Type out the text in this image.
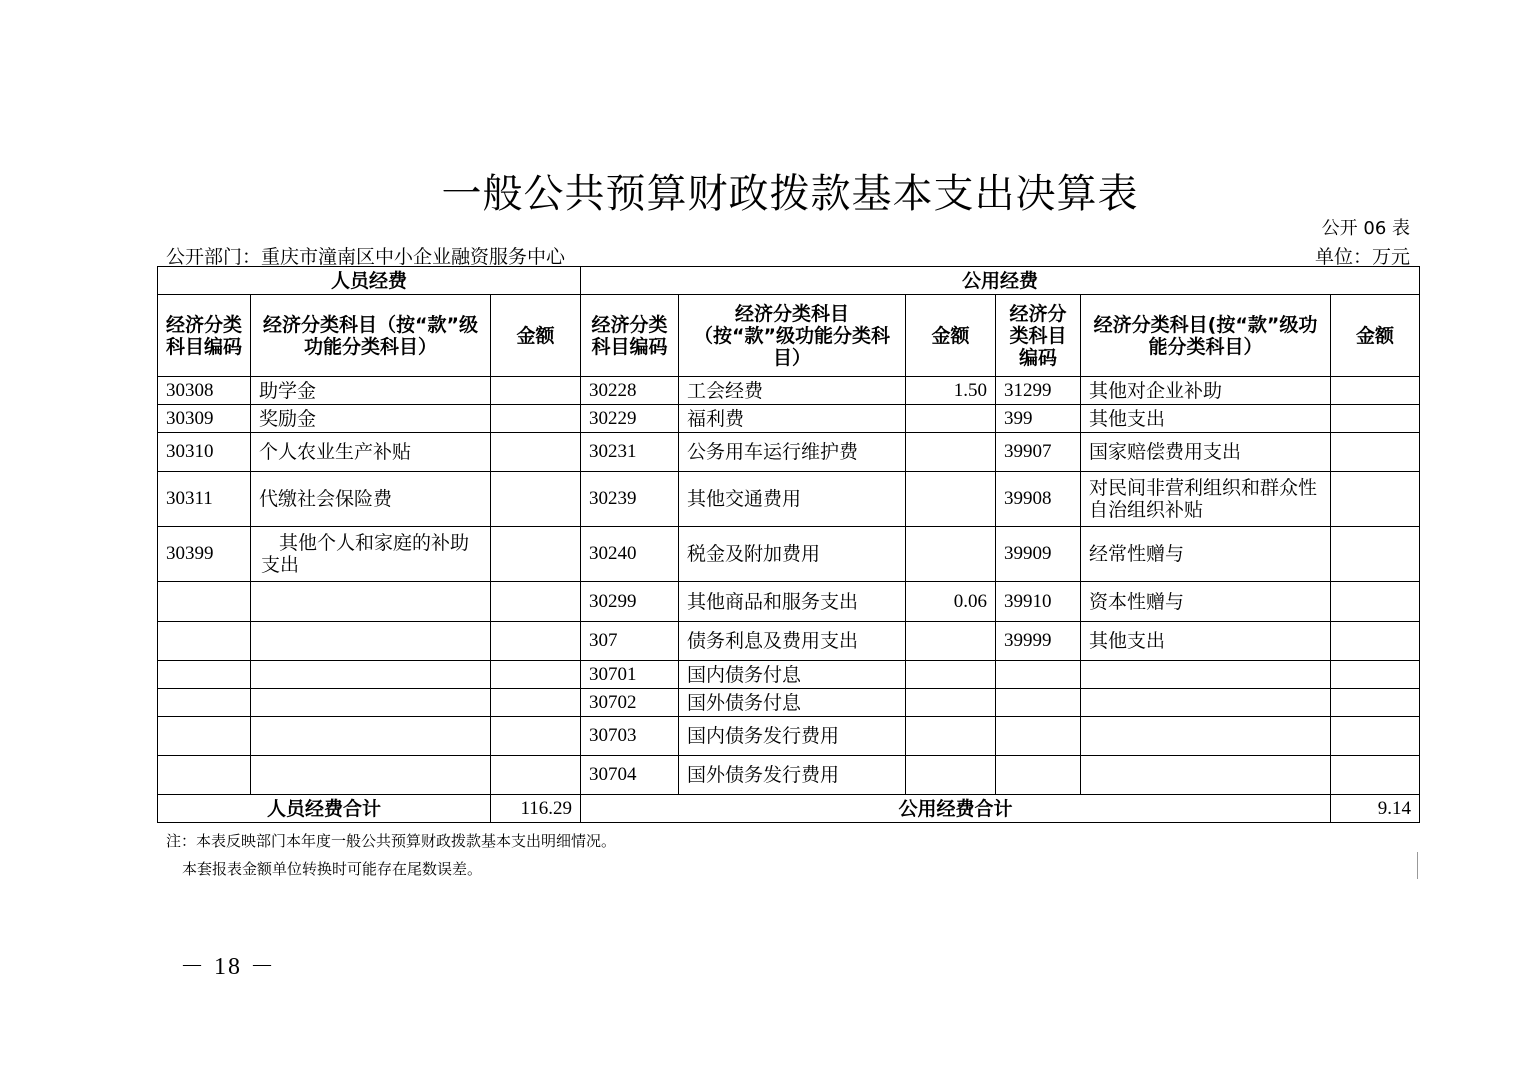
一般公共预算财政拨款基本支出决算表
公开 06 表
公开部门：重庆市潼南区中小企业融资服务中心	单位：万元
人员经费			公用经费					
经济分类科目编码	经济分类科目（按“款”级功能分类科目）	金额	经济分类科目编码	经济分类科目（按“款”级功能分类科目）	金额	经济分类科目编码	经济分类科目(按“款”级功能分类科目）	金额
30308	助学金		30228	工会经费	1.50	31299	其他对企业补助	
30309	奖励金		30229	福利费		399	其他支出	
30310	个人农业生产补贴		30231	公务用车运行维护费		39907	国家赔偿费用支出	
30311	代缴社会保险费		30239	其他交通费用		39908	对民间非营利组织和群众性自治组织补贴	
30399	其他个人和家庭的补助支出		30240	税金及附加费用		39909	经常性赠与	
			30299	其他商品和服务支出	0.06	39910	资本性赠与	
			307	债务利息及费用支出		39999	其他支出	
			30701	国内债务付息				
			30702	国外债务付息				
			30703	国内债务发行费用				
			30704	国外债务发行费用				
人员经费合计		116.29	公用经费合计					9.14
注：本表反映部门本年度一般公共预算财政拨款基本支出明细情况。
本套报表金额单位转换时可能存在尾数误差。
－ 18 －
